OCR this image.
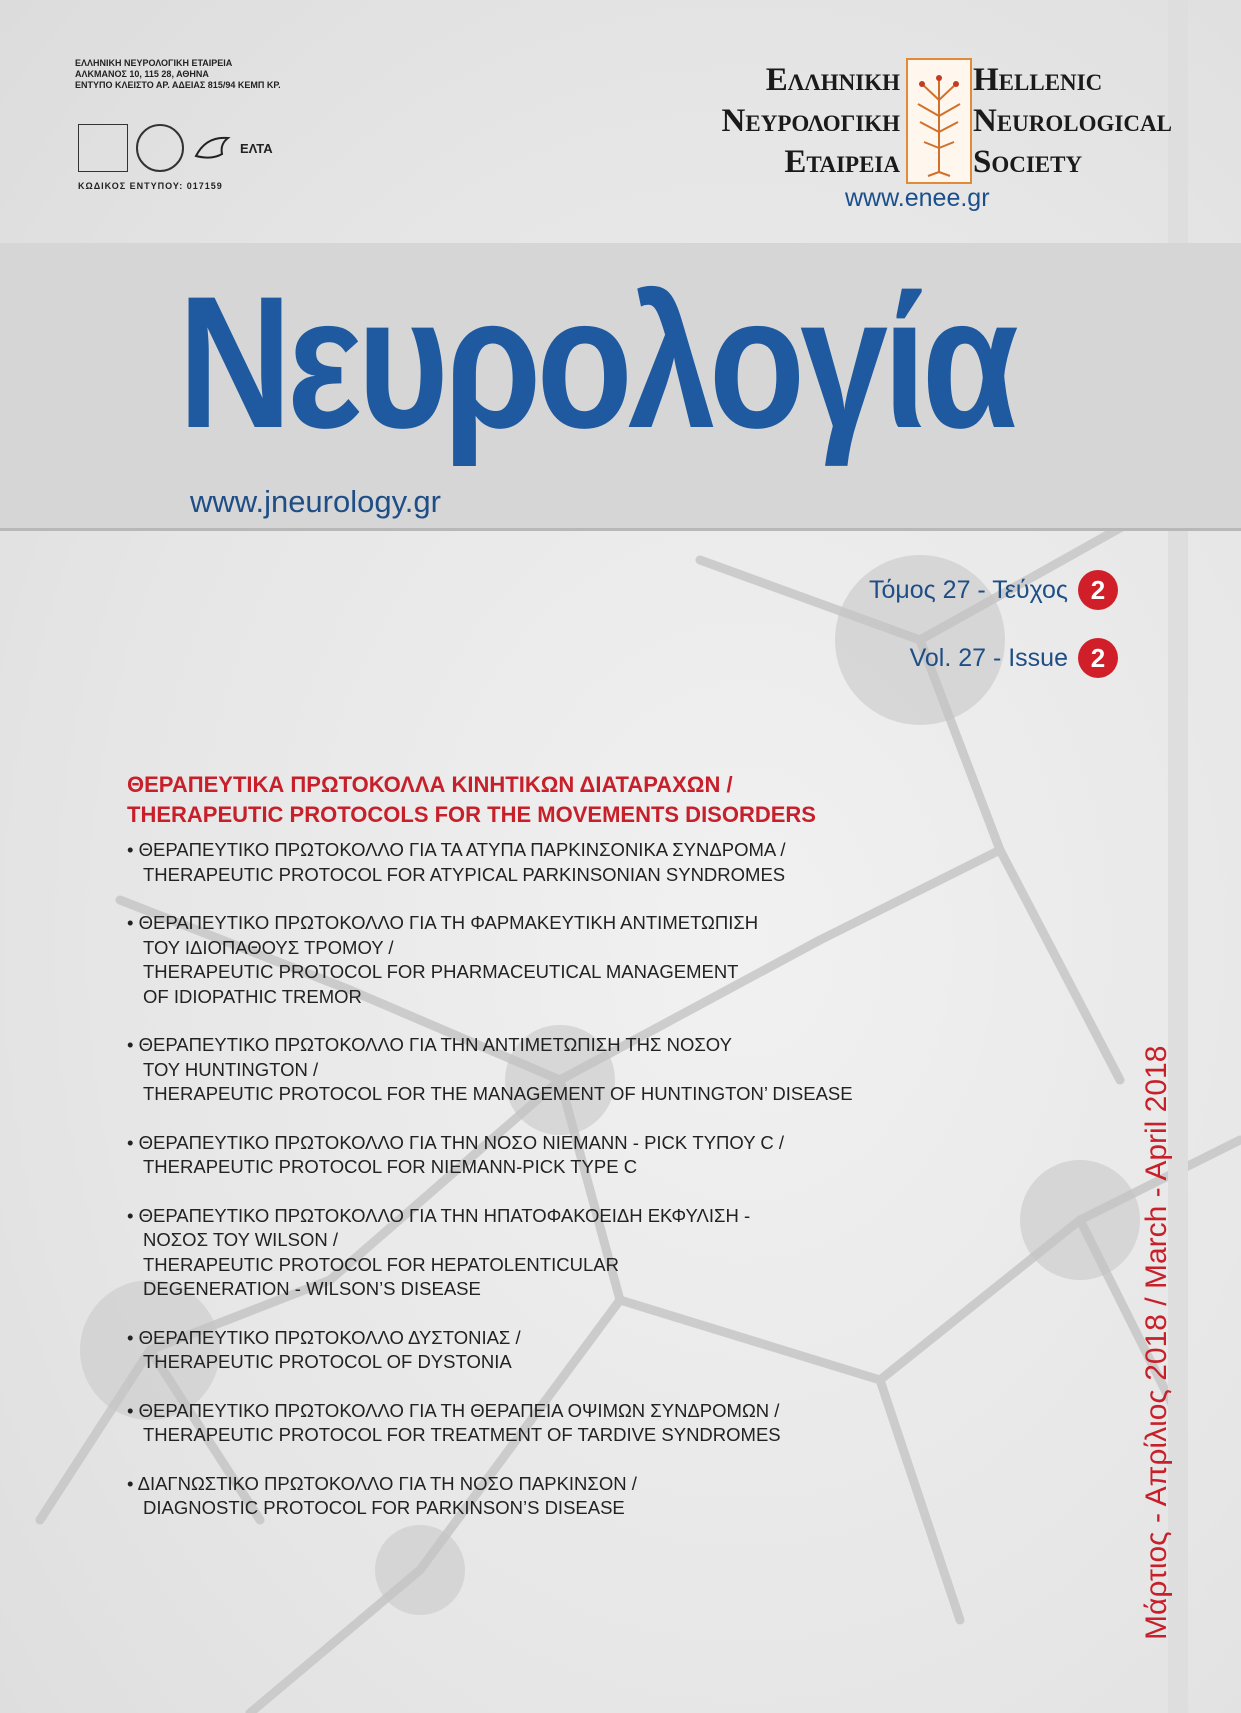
ΕΛΛΗΝΙΚΗ ΝΕΥΡΟΛΟΓΙΚΗ ΕΤΑΙΡΕΙΑ
ΑΛΚΜΑΝΟΣ 10, 115 28, ΑΘΗΝΑ
ΕΝΤΥΠΟ ΚΛΕΙΣΤΟ ΑΡ. ΑΔΕΙΑΣ 815/94 ΚΕΜΠ ΚΡ.
ΕΛΤΑ
ΚΩΔΙΚΟΣ ΕΝΤΥΠΟΥ: 017159
Ελληνικη
Νευρολογικη
Εταιρεια
Hellenic
Neurological
Society
www.enee.gr
Νευρολογία
www.jneurology.gr
Τόμος 27 - Τεύχος 2
Vol. 27 - Issue 2
ΘΕΡΑΠΕΥΤΙΚΑ ΠΡΩΤΟΚΟΛΛΑ ΚΙΝΗΤΙΚΩΝ ΔΙΑΤΑΡΑΧΩΝ /
THERAPEUTIC PROTOCOLS FOR THE MOVEMENTS DISORDERS
• ΘΕΡΑΠΕΥΤΙΚΟ ΠΡΩΤΟΚΟΛΛΟ ΓΙΑ ΤΑ ΑΤΥΠΑ ΠΑΡΚΙΝΣΟΝΙΚΑ ΣΥΝΔΡΟΜΑ /
THERAPEUTIC PROTOCOL FOR ATYPICAL PARKINSONIAN SYNDROMES
• ΘΕΡΑΠΕΥΤΙΚΟ ΠΡΩΤΟΚΟΛΛΟ ΓΙΑ ΤΗ ΦΑΡΜΑΚΕΥΤΙΚΗ ΑΝΤΙΜΕΤΩΠΙΣΗ
ΤΟΥ ΙΔΙΟΠΑΘΟΥΣ ΤΡΟΜΟΥ /
THERAPEUTIC PROTOCOL FOR PHARMACEUTICAL MANAGEMENT
OF IDIOPATHIC TREMOR
• ΘΕΡΑΠΕΥΤΙΚΟ ΠΡΩΤΟΚΟΛΛΟ ΓΙΑ ΤΗΝ ΑΝΤΙΜΕΤΩΠΙΣΗ ΤΗΣ ΝΟΣΟΥ
ΤΟΥ HUNTINGTON /
THERAPEUTIC PROTOCOL FOR THE MANAGEMENT OF HUNTINGTON’ DISEASE
• ΘΕΡΑΠΕΥΤΙΚΟ ΠΡΩΤΟΚΟΛΛΟ ΓΙΑ ΤΗΝ ΝΟΣΟ NIEMANN - PICK ΤΥΠΟΥ C /
THERAPEUTIC PROTOCOL FOR NIEMANN-PICK TYPE C
• ΘΕΡΑΠΕΥΤΙΚΟ ΠΡΩΤΟΚΟΛΛΟ ΓΙΑ ΤΗΝ ΗΠΑΤΟΦΑΚΟΕΙΔΗ ΕΚΦΥΛΙΣΗ -
ΝΟΣΟΣ ΤΟΥ WILSON /
THERAPEUTIC PROTOCOL FOR HEPATOLENTICULAR
DEGENERATION - WILSON’S DISEASE
• ΘΕΡΑΠΕΥΤΙΚΟ ΠΡΩΤΟΚΟΛΛΟ ΔΥΣΤΟΝΙΑΣ /
THERAPEUTIC PROTOCOL OF DYSTONIA
• ΘΕΡΑΠΕΥΤΙΚΟ ΠΡΩΤΟΚΟΛΛΟ ΓΙΑ ΤΗ ΘΕΡΑΠΕΙΑ ΟΨΙΜΩΝ ΣΥΝΔΡΟΜΩΝ /
THERAPEUTIC PROTOCOL FOR TREATMENT OF TARDIVE SYNDROMES
• ΔΙΑΓΝΩΣΤΙΚΟ ΠΡΩΤΟΚΟΛΛΟ ΓΙΑ ΤΗ ΝΟΣΟ ΠΑΡΚΙΝΣΟΝ /
DIAGNOSTIC PROTOCOL FOR PARKINSON’S DISEASE	Μάρτιος - Απρίλιος 2018 / March - April 2018
